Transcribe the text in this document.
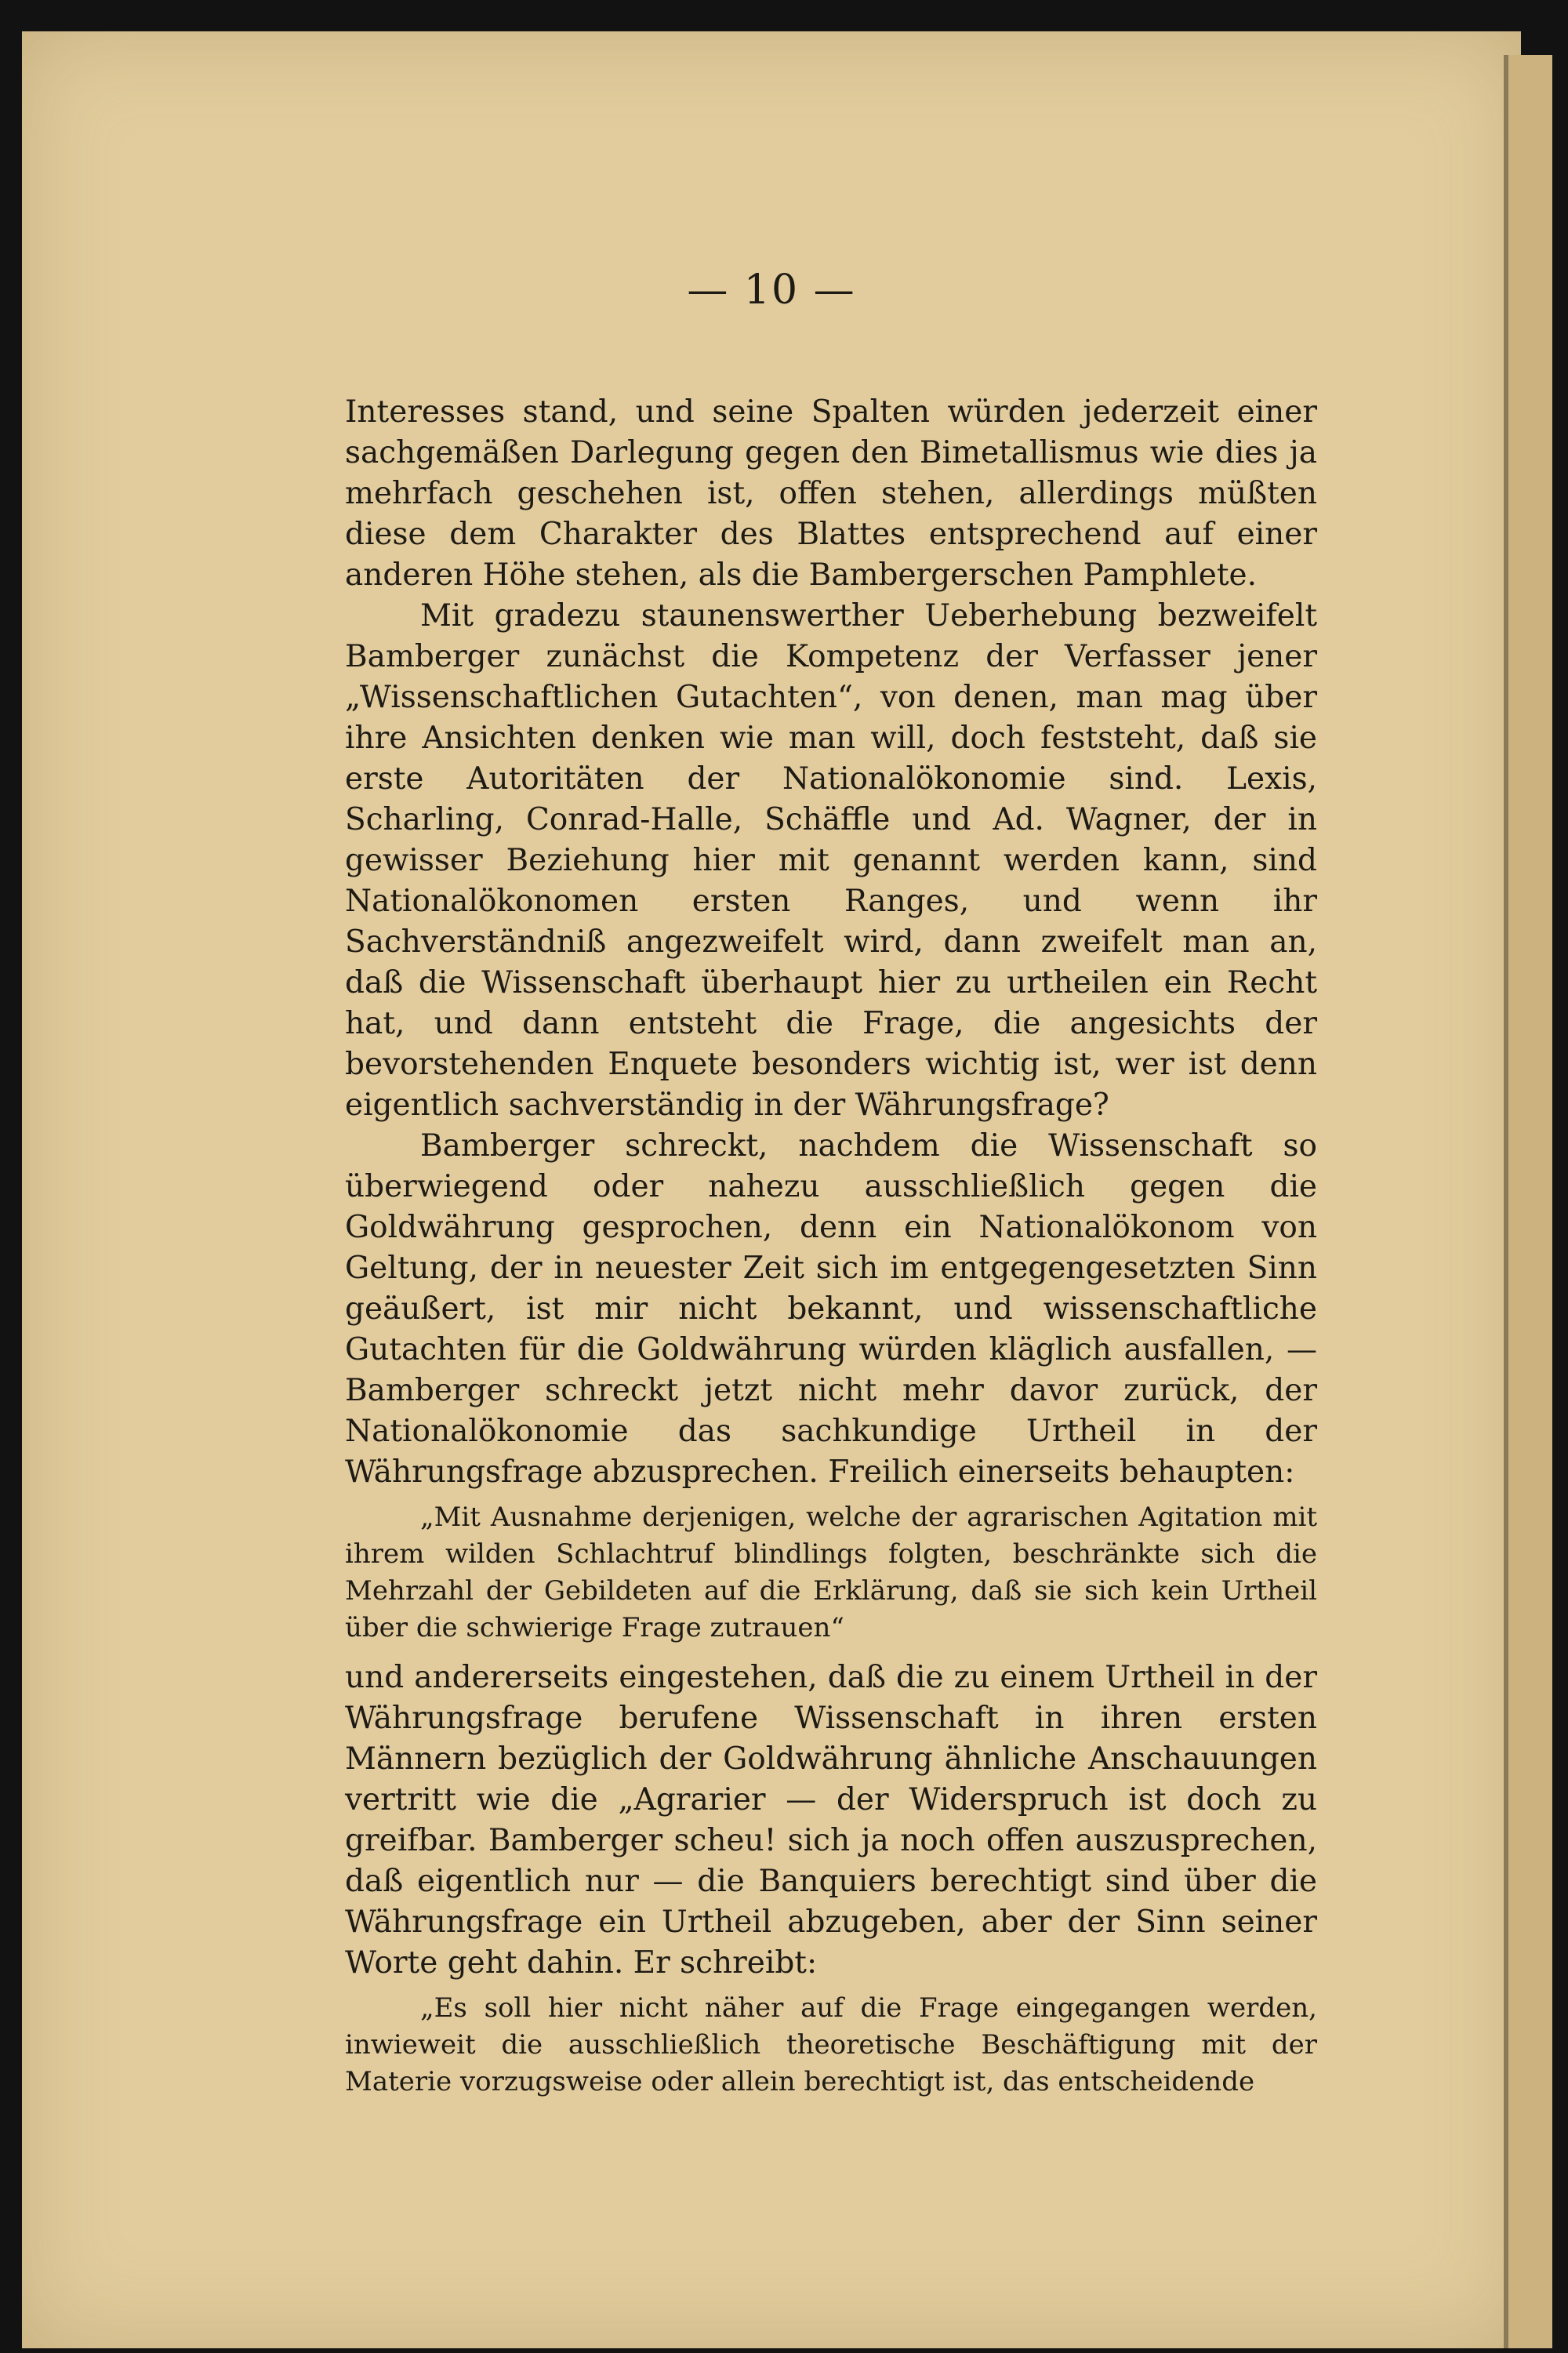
— 10 —

Interesses stand, und seine Spalten würden jederzeit einer sachgemäßen Darlegung gegen den Bimetallismus wie dies ja mehrfach geschehen ist, offen stehen, allerdings müßten diese dem Charakter des Blattes entsprechend auf einer anderen Höhe stehen, als die Bambergerschen Pamphlete.

Mit gradezu staunenswerther Ueberhebung bezweifelt Bamberger zunächst die Kompetenz der Verfasser jener „Wissenschaftlichen Gutachten“, von denen, man mag über ihre Ansichten denken wie man will, doch feststeht, daß sie erste Autoritäten der Nationalökonomie sind. Lexis, Scharling, Conrad-Halle, Schäffle und Ad. Wagner, der in gewisser Beziehung hier mit genannt werden kann, sind Nationalökonomen ersten Ranges, und wenn ihr Sachverständniß angezweifelt wird, dann zweifelt man an, daß die Wissenschaft überhaupt hier zu urtheilen ein Recht hat, und dann entsteht die Frage, die angesichts der bevorstehenden Enquete besonders wichtig ist, wer ist denn eigentlich sachverständig in der Währungsfrage?

Bamberger schreckt, nachdem die Wissenschaft so überwiegend oder nahezu ausschließlich gegen die Goldwährung gesprochen, denn ein Nationalökonom von Geltung, der in neuester Zeit sich im entgegengesetzten Sinn geäußert, ist mir nicht bekannt, und wissenschaftliche Gutachten für die Goldwährung würden kläglich ausfallen, — Bamberger schreckt jetzt nicht mehr davor zurück, der Nationalökonomie das sachkundige Urtheil in der Währungsfrage abzusprechen. Freilich einerseits behaupten:

„Mit Ausnahme derjenigen, welche der agrarischen Agitation mit ihrem wilden Schlachtruf blindlings folgten, beschränkte sich die Mehrzahl der Gebildeten auf die Erklärung, daß sie sich kein Urtheil über die schwierige Frage zutrauen“

und andererseits eingestehen, daß die zu einem Urtheil in der Währungsfrage berufene Wissenschaft in ihren ersten Männern bezüglich der Goldwährung ähnliche Anschauungen vertritt wie die „Agrarier — der Widerspruch ist doch zu greifbar. Bamberger scheu! sich ja noch offen auszusprechen, daß eigentlich nur — die Banquiers berechtigt sind über die Währungsfrage ein Urtheil abzugeben, aber der Sinn seiner Worte geht dahin. Er schreibt:

„Es soll hier nicht näher auf die Frage eingegangen werden, inwieweit die ausschließlich theoretische Beschäftigung mit der Materie vorzugsweise oder allein berechtigt ist, das entscheidende
